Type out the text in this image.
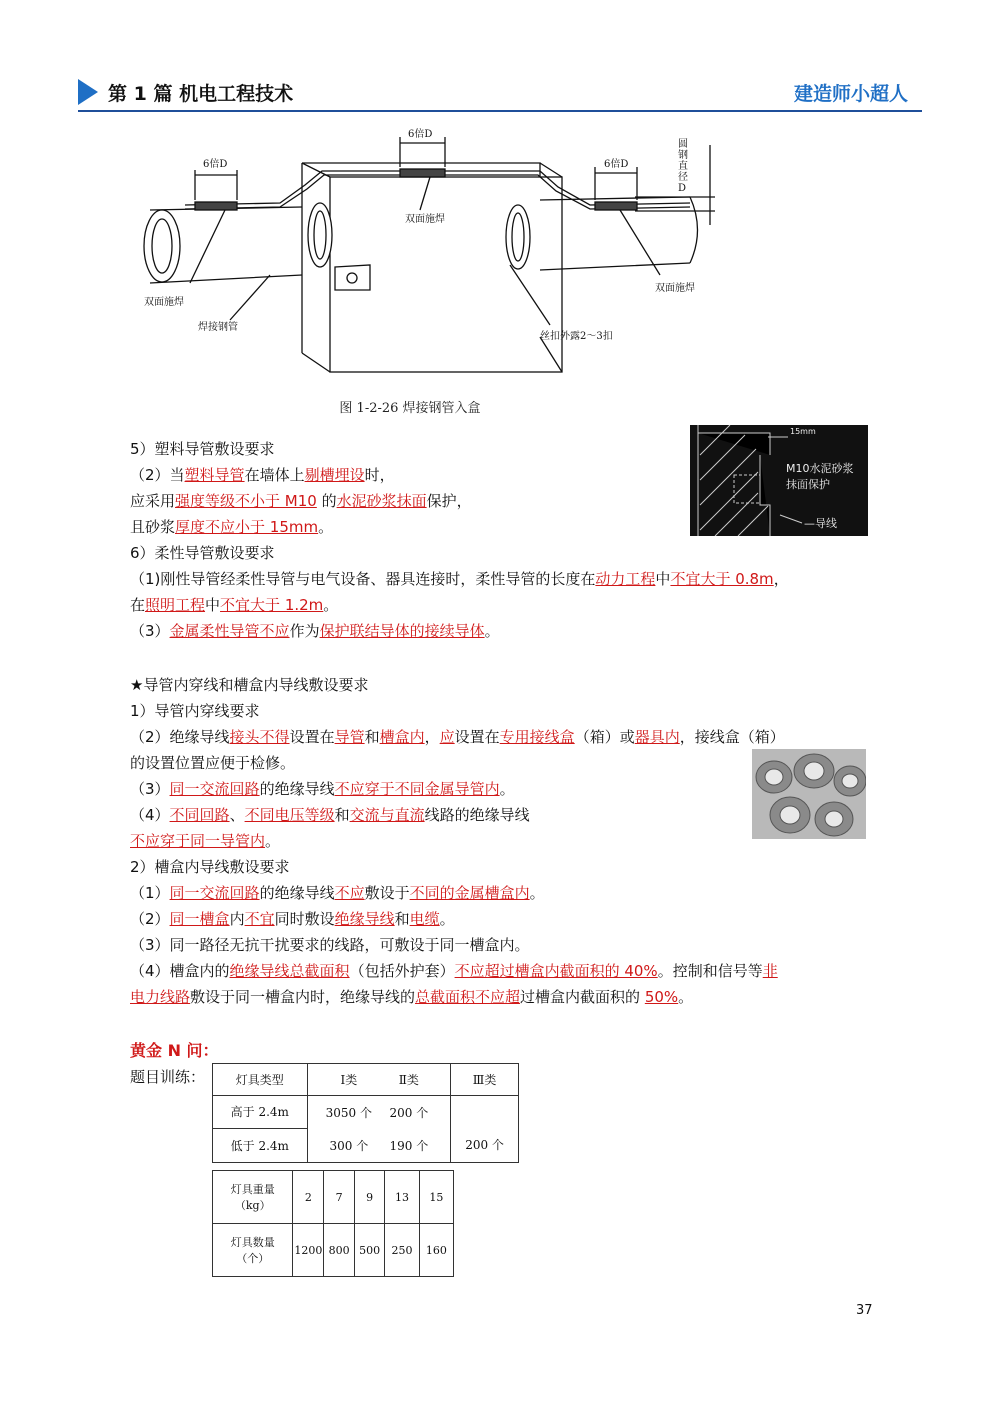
第 1 篇 机电工程技术	建造师小超人
6倍D
6倍D
6倍D
圆钢直径D
双面施焊
双面施焊
焊接钢管
双面施焊
丝扣外露2～3扣
图 1-2-26 焊接钢管入盒
15mm
M10水泥砂浆
抹面保护
—导线
5）塑料导管敷设要求
（2）当塑料导管在墙体上剔槽埋设时，
应采用强度等级不小于 M10 的水泥砂浆抹面保护，
且砂浆厚度不应小于 15mm。
6）柔性导管敷设要求
（1)刚性导管经柔性导管与电气设备、器具连接时，柔性导管的长度在动力工程中不宜大于 0.8m，
在照明工程中不宜大于 1.2m。
（3）金属柔性导管不应作为保护联结导体的接续导体。
★导管内穿线和槽盒内导线敷设要求
1）导管内穿线要求
（2）绝缘导线接头不得设置在导管和槽盒内，应设置在专用接线盒（箱）或器具内，接线盒（箱）
的设置位置应便于检修。
（3）同一交流回路的绝缘导线不应穿于不同金属导管内。
（4）不同回路、不同电压等级和交流与直流线路的绝缘导线
不应穿于同一导管内。
2）槽盒内导线敷设要求
（1）同一交流回路的绝缘导线不应敷设于不同的金属槽盒内。
（2）同一槽盒内不宜同时敷设绝缘导线和电缆。
（3）同一路径无抗干扰要求的线路，可敷设于同一槽盒内。
（4）槽盒内的绝缘导线总截面积（包括外护套）不应超过槽盒内截面积的 40%。控制和信号等非
电力线路敷设于同一槽盒内时，绝缘导线的总截面积不应超过槽盒内截面积的 50%。
黄金 N 问：
题目训练：	灯具类型	Ⅰ类 Ⅱ类	Ⅲ类
高于 2.4m	3050 个 200 个	200 个

低于 2.4m	300 个 190 个	
灯具重量
（kg）	2	7	9	13	15
灯具数量
（个）	1200	800	500	250	160
37
